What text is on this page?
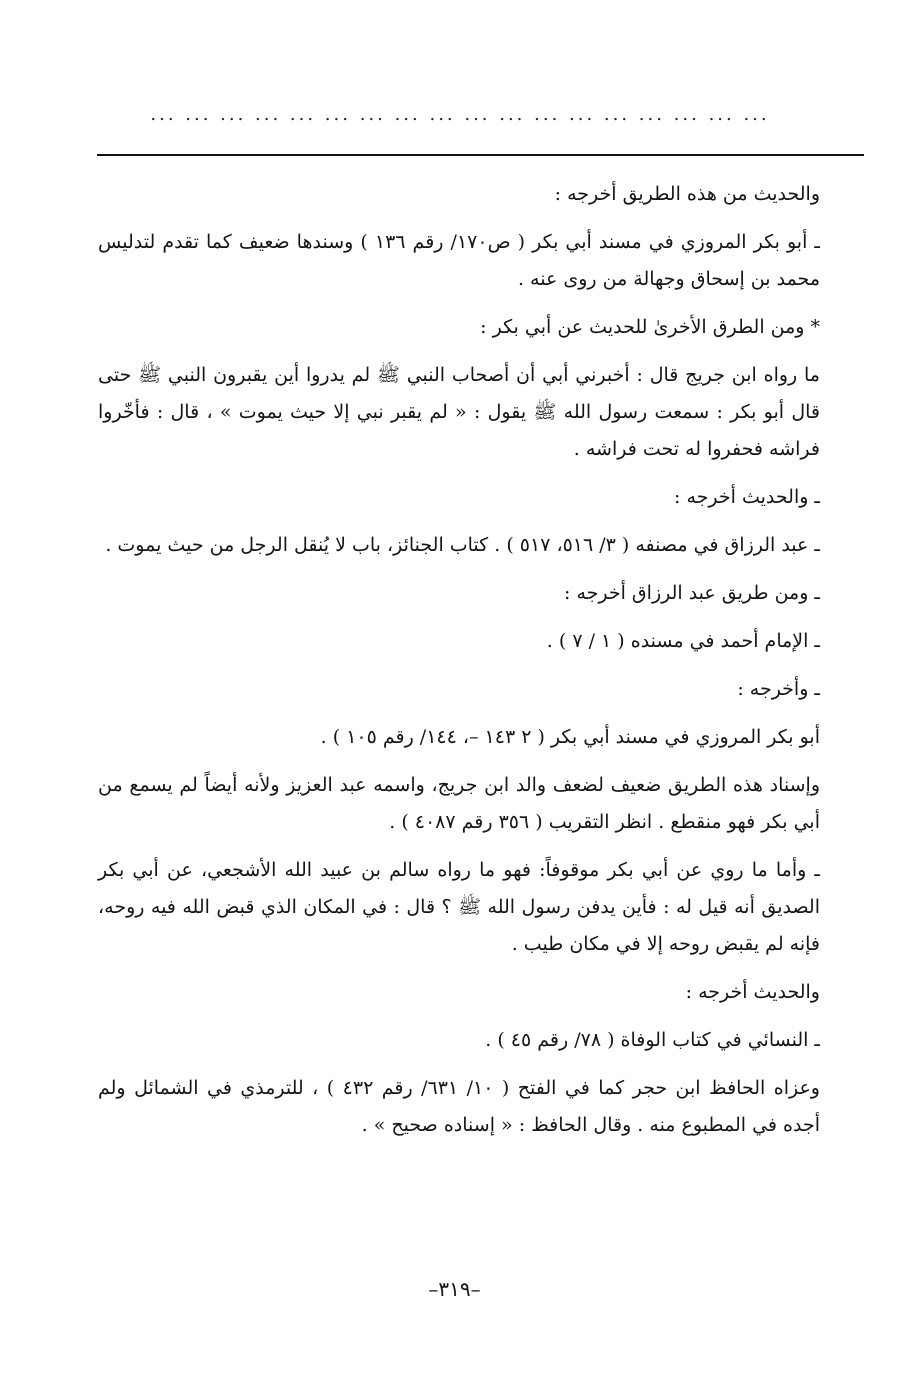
... ... ... ... ... ... ... ... ... ... ... ... ... ... ... ... ... ...

والحديث من هذه الطريق أخرجه :

ـ أبو بكر المروزي في مسند أبي بكر ( ص١٧٠/ رقم ١٣٦ ) وسندها ضعيف كما تقدم لتدليس محمد بن إسحاق وجهالة من روى عنه .

* ومن الطرق الأخرىٰ للحديث عن أبي بكر :

ما رواه ابن جريج قال : أخبرني أبي أن أصحاب النبي ﷺ لم يدروا أين يقبرون النبي ﷺ حتى قال أبو بكر : سمعت رسول الله ﷺ يقول : « لم يقبر نبي إلا حيث يموت » ، قال : فأخّروا فراشه فحفروا له تحت فراشه .

ـ والحديث أخرجه :

ـ عبد الرزاق في مصنفه ( ٣/ ٥١٦، ٥١٧ ) . كتاب الجنائز، باب لا يُنقل الرجل من حيث يموت .

ـ ومن طريق عبد الرزاق أخرجه :

ـ الإمام أحمد في مسنده ( ١ / ٧ ) .

ـ وأخرجه :

أبو بكر المروزي في مسند أبي بكر ( ٢ ١٤٣ –، ١٤٤/ رقم ١٠٥ ) .

وإسناد هذه الطريق ضعيف لضعف والد ابن جريج، واسمه عبد العزيز ولأنه أيضاً لم يسمع من أبي بكر فهو منقطع . انظر التقريب ( ٣٥٦ رقم ٤٠٨٧ ) .

ـ وأما ما روي عن أبي بكر موقوفاً: فهو ما رواه سالم بن عبيد الله الأشجعي، عن أبي بكر الصديق أنه قيل له : فأين يدفن رسول الله ﷺ ؟ قال : في المكان الذي قبض الله فيه روحه، فإنه لم يقبض روحه إلا في مكان طيب .

والحديث أخرجه :

ـ النسائي في كتاب الوفاة ( ٧٨/ رقم ٤٥ ) .

وعزاه الحافظ ابن حجر كما في الفتح ( ١٠/ ٦٣١/ رقم ٤٣٢ ) ، للترمذي في الشمائل ولم أجده في المطبوع منه . وقال الحافظ : « إسناده صحيح » .

–٣١٩–
